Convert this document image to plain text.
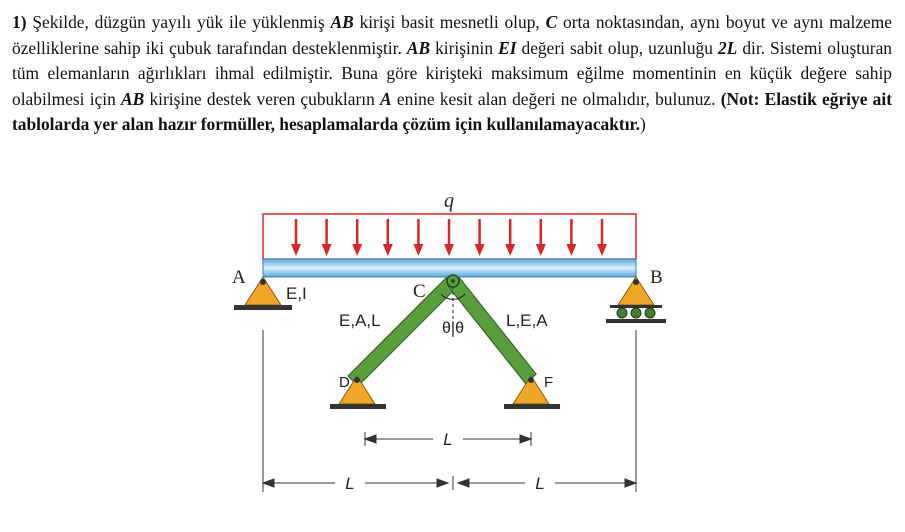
1) Şekilde, düzgün yayılı yük ile yüklenmiş AB kirişi basit mesnetli olup, C orta noktasından, aynı boyut ve aynı malzeme özelliklerine sahip iki çubuk tarafından desteklenmiştir. AB kirişinin EI değeri sabit olup, uzunluğu 2L dir. Sistemi oluşturan tüm elemanların ağırlıkları ihmal edilmiştir. Buna göre kirişteki maksimum eğilme momentinin en küçük değere sahip olabilmesi için AB kirişine destek veren çubukların A enine kesit alan değeri ne olmalıdır, bulunuz. (Not: Elastik eğriye ait tablolarda yer alan hazır formüller, hesaplamalarda çözüm için kullanılamayacaktır.)
q
A	B
C
D	F
E,I
E,A,L	L,E,A
θ|θ
L
L	L
